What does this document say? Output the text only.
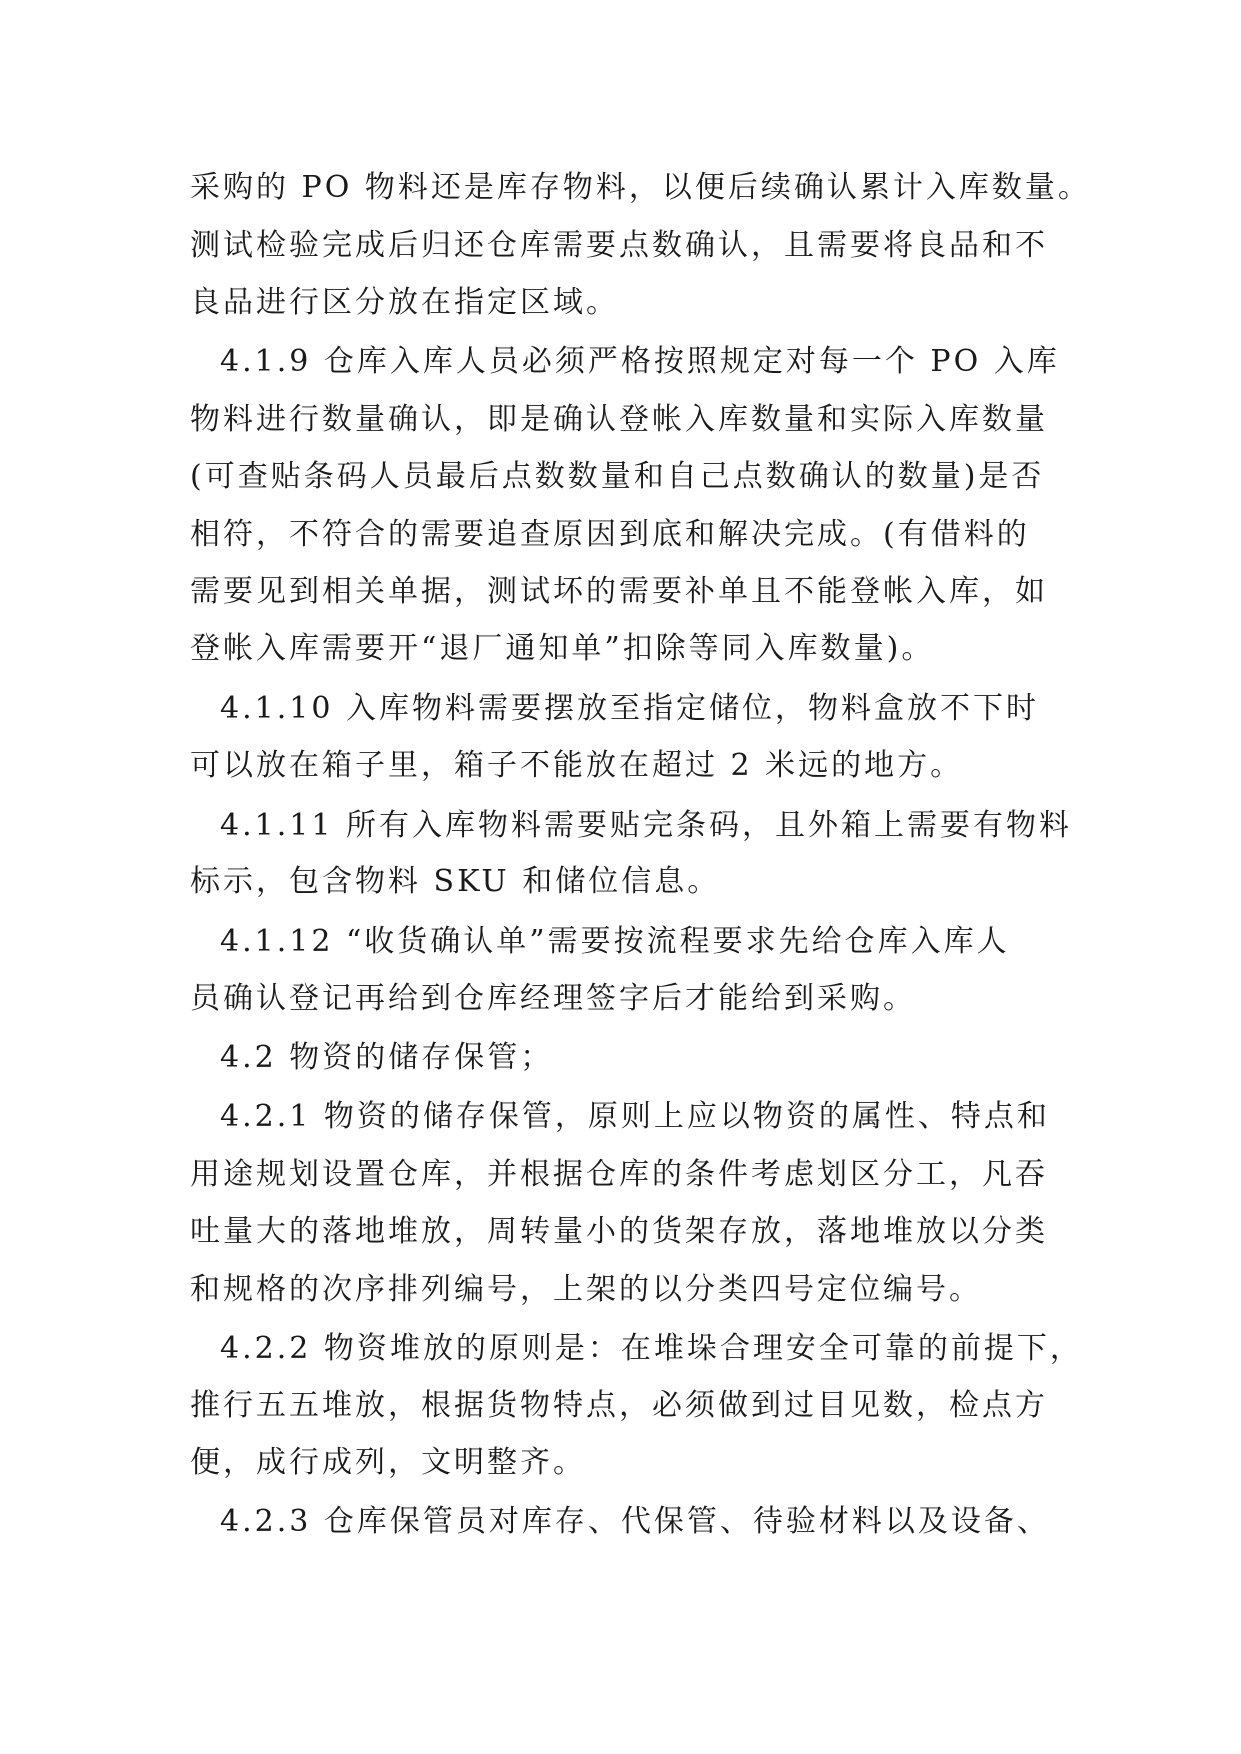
采购的 PO 物料还是库存物料，以便后续确认累计入库数量。
测试检验完成后归还仓库需要点数确认，且需要将良品和不
良品进行区分放在指定区域。
4.1.9 仓库入库人员必须严格按照规定对每一个 PO 入库
物料进行数量确认，即是确认登帐入库数量和实际入库数量
(可查贴条码人员最后点数数量和自己点数确认的数量)是否
相符，不符合的需要追查原因到底和解决完成。(有借料的
需要见到相关单据，测试坏的需要补单且不能登帐入库，如
登帐入库需要开“退厂通知单”扣除等同入库数量)。
4.1.10 入库物料需要摆放至指定储位，物料盒放不下时
可以放在箱子里，箱子不能放在超过 2 米远的地方。
4.1.11 所有入库物料需要贴完条码，且外箱上需要有物料
标示，包含物料 SKU 和储位信息。
4.1.12 “收货确认单”需要按流程要求先给仓库入库人
员确认登记再给到仓库经理签字后才能给到采购。
4.2 物资的储存保管；
4.2.1 物资的储存保管，原则上应以物资的属性、特点和
用途规划设置仓库，并根据仓库的条件考虑划区分工，凡吞
吐量大的落地堆放，周转量小的货架存放，落地堆放以分类
和规格的次序排列编号，上架的以分类四号定位编号。
4.2.2 物资堆放的原则是：在堆垛合理安全可靠的前提下，
推行五五堆放，根据货物特点，必须做到过目见数，检点方
便，成行成列，文明整齐。
4.2.3 仓库保管员对库存、代保管、待验材料以及设备、
